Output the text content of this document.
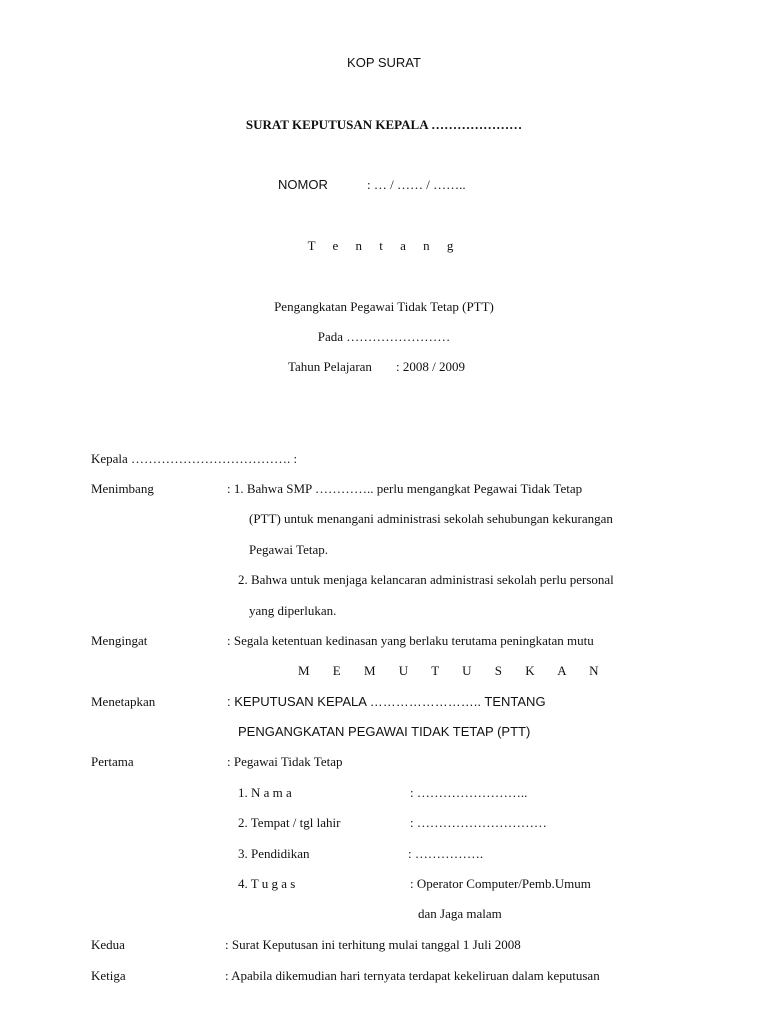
KOP SURAT
SURAT KEPUTUSAN KEPALA …………………
NOMOR	: … / …… / ……..
T e n t a n g
Pengangkatan Pegawai Tidak Tetap (PTT)
Pada ……………………
Tahun Pelajaran : 2008 / 2009
Kepala ………………………………. :
Menimbang	: 1. Bahwa SMP ………….. perlu mengangkat Pegawai Tidak Tetap
(PTT) untuk menangani administrasi sekolah sehubungan kekurangan
Pegawai Tetap.
2. Bahwa untuk menjaga kelancaran administrasi sekolah perlu personal
yang diperlukan.
Mengingat	: Segala ketentuan kedinasan yang berlaku terutama peningkatan mutu
M E M U T U S K A N
Menetapkan	: KEPUTUSAN KEPALA …………………….. TENTANG
PENGANGKATAN PEGAWAI TIDAK TETAP (PTT)
Pertama	: Pegawai Tidak Tetap
1. N a m a	: ……………………..
2. Tempat / tgl lahir	: …………………………
3. Pendidikan	: …………….
4. T u g a s	: Operator Computer/Pemb.Umum
dan Jaga malam
Kedua	: Surat Keputusan ini terhitung mulai tanggal 1 Juli 2008
Ketiga	: Apabila dikemudian hari ternyata terdapat kekeliruan dalam keputusan
